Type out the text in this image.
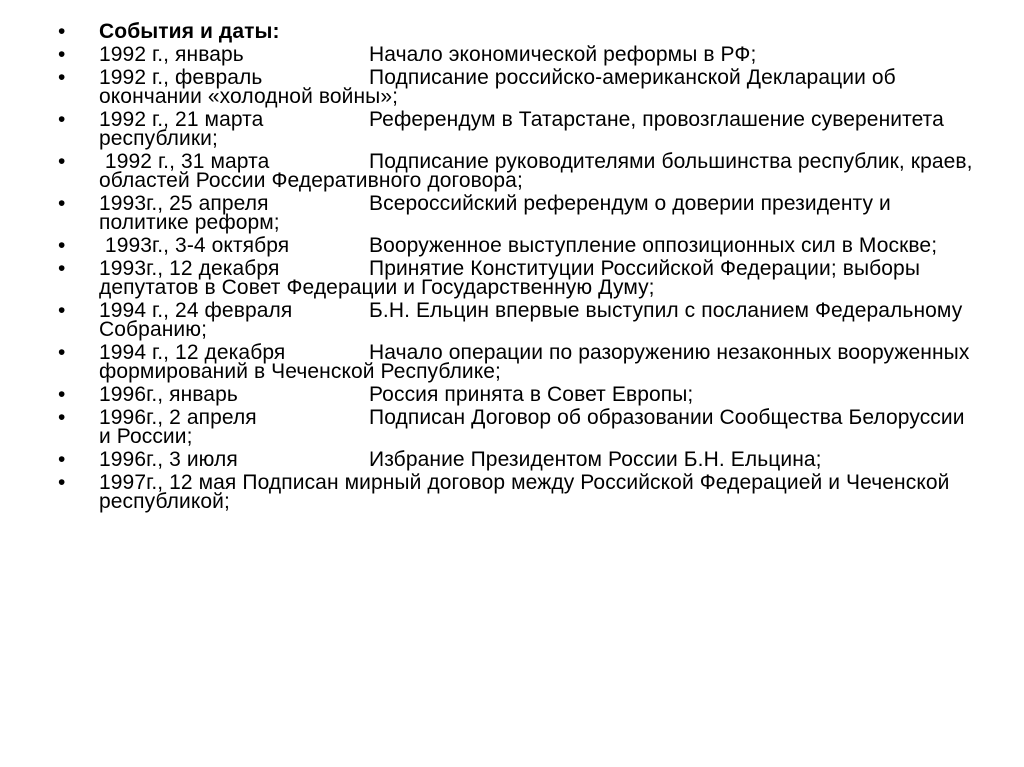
•	События и даты:
•	1992 г., январь	Начало экономической реформы в РФ;
•	1992 г., февраль	Подписание российско-американской Декларации об окончании «холодной войны»;
•	1992 г., 21 марта	Референдум в Татарстане, провозглашение суверенитета республики;
•	1992 г., 31 марта	Подписание руководителями большинства республик, краев, областей России Федеративного договора;
•	1993г., 25 апреля	Всероссийский референдум о доверии президенту и политике реформ;
•	1993г., 3-4 октября	Вооруженное выступление оппозиционных сил в Москве;
•	1993г., 12 декабря	Принятие Конституции Российской Федерации; выборы депутатов в Совет Федерации и Государственную Думу;
•	1994 г., 24 февраля	Б.Н. Ельцин впервые выступил с посланием Федеральному Собранию;
•	1994 г., 12 декабря	Начало операции по разоружению незаконных вооруженных формирований в Чеченской Республике;
•	1996г., январь	Россия принята в Совет Европы;
•	1996г., 2 апреля	Подписан Договор об образовании Сообщества Белоруссии и России;
•	1996г., 3 июля	Избрание Президентом России Б.Н. Ельцина;
•	1997г., 12 мая Подписан мирный договор между Российской Федерацией и Чеченской республикой;
